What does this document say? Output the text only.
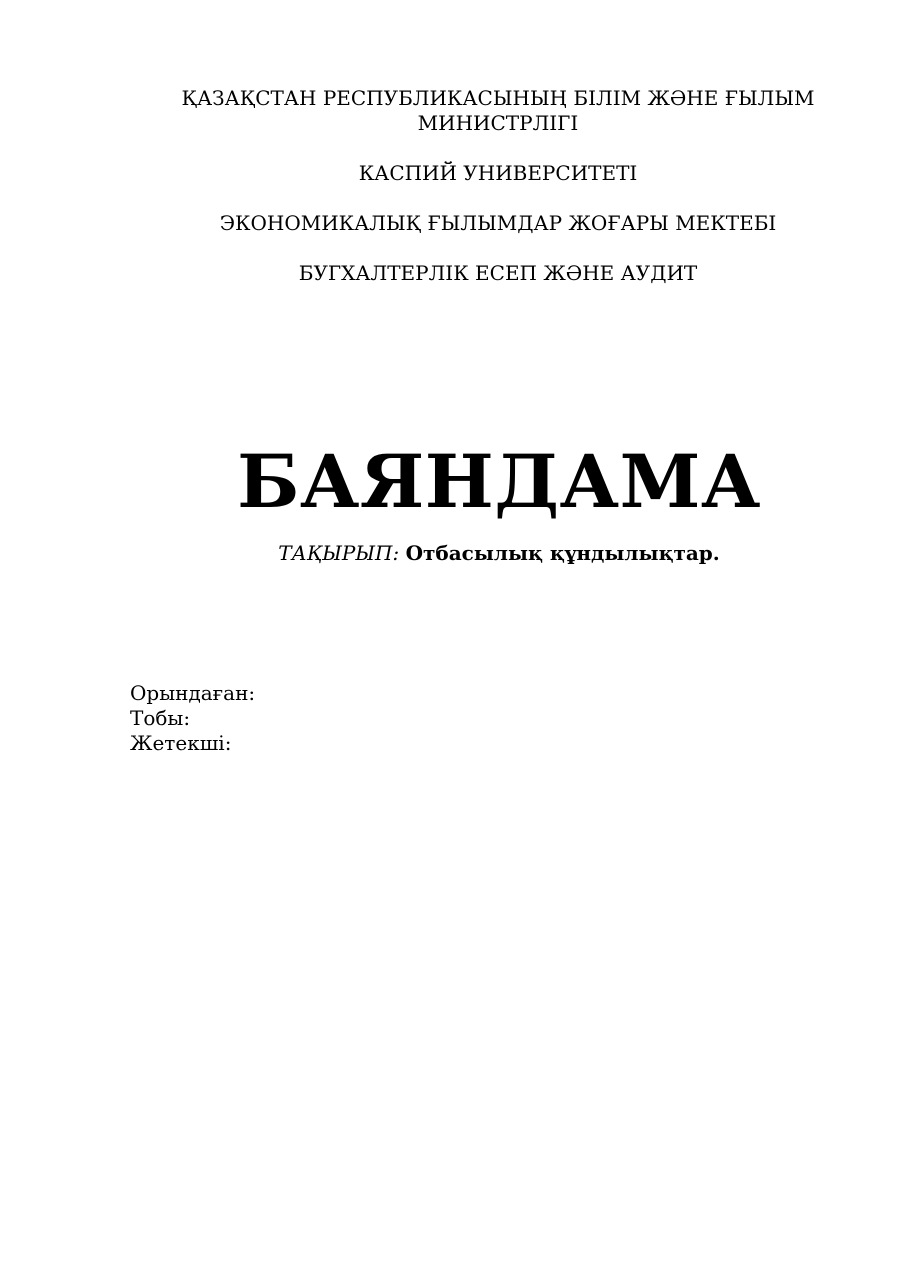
ҚАЗАҚСТАН РЕСПУБЛИКАСЫНЫҢ БІЛІМ ЖӘНЕ ҒЫЛЫМ МИНИСТРЛІГІ
КАСПИЙ УНИВЕРСИТЕТІ
ЭКОНОМИКАЛЫҚ ҒЫЛЫМДАР ЖОҒАРЫ МЕКТЕБІ
БУГХАЛТЕРЛІК ЕСЕП ЖӘНЕ АУДИТ
БАЯНДАМА
ТАҚЫРЫП: Отбасылық құндылықтар.
Орындаған:
Тобы:
Жетекші:
